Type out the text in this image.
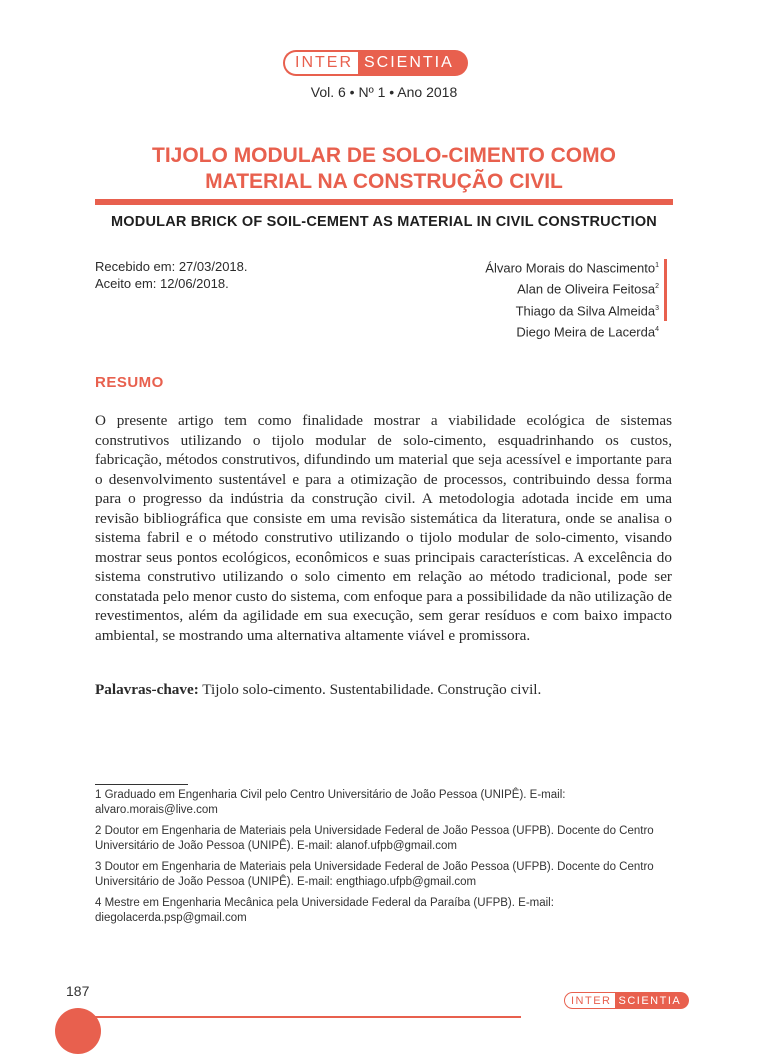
INTER SCIENTIA
Vol. 6 • Nº 1 • Ano 2018
TIJOLO MODULAR DE SOLO-CIMENTO COMO
MATERIAL NA CONSTRUÇÃO CIVIL
MODULAR BRICK OF SOIL-CEMENT AS MATERIAL IN CIVIL CONSTRUCTION
Recebido em: 27/03/2018.
Aceito em: 12/06/2018.
Álvaro Morais do Nascimento$^1$
Alan de Oliveira Feitosa$^2$
Thiago da Silva Almeida$^3$
Diego Meira de Lacerda$^4$
RESUMO

O presente artigo tem como finalidade mostrar a viabilidade ecológica de sistemas construtivos utilizando o tijolo modular de solo-cimento, esquadrinhando os custos, fabricação, métodos construtivos, difundindo um material que seja acessível e importante para o desenvolvimento sustentável e para a otimização de processos, contribuindo dessa forma para o progresso da indústria da construção civil. A metodologia adotada incide em uma revisão bibliográfica que consiste em uma revisão sistemática da literatura, onde se analisa o sistema fabril e o método construtivo utilizando o tijolo modular de solo-cimento, visando mostrar seus pontos ecológicos, econômicos e suas principais características. A excelência do sistema construtivo utilizando o solo cimento em relação ao método tradicional, pode ser constatada pelo menor custo do sistema, com enfoque para a possibilidade da não utilização de revestimentos, além da agilidade em sua execução, sem gerar resíduos e com baixo impacto ambiental, se mostrando uma alternativa altamente viável e promissora.

Palavras-chave: Tijolo solo-cimento. Sustentabilidade. Construção civil.

1 Graduado em Engenharia Civil pelo Centro Universitário de João Pessoa (UNIPÊ). E-mail: alvaro.morais@live.com

2 Doutor em Engenharia de Materiais pela Universidade Federal de João Pessoa (UFPB). Docente do Centro Universitário de João Pessoa (UNIPÊ). E-mail: alanof.ufpb@gmail.com

3 Doutor em Engenharia de Materiais pela Universidade Federal de João Pessoa (UFPB). Docente do Centro Universitário de João Pessoa (UNIPÊ). E-mail: engthiago.ufpb@gmail.com

4 Mestre em Engenharia Mecânica pela Universidade Federal da Paraíba (UFPB). E-mail: diegolacerda.psp@gmail.com

187
INTER SCIENTIA
